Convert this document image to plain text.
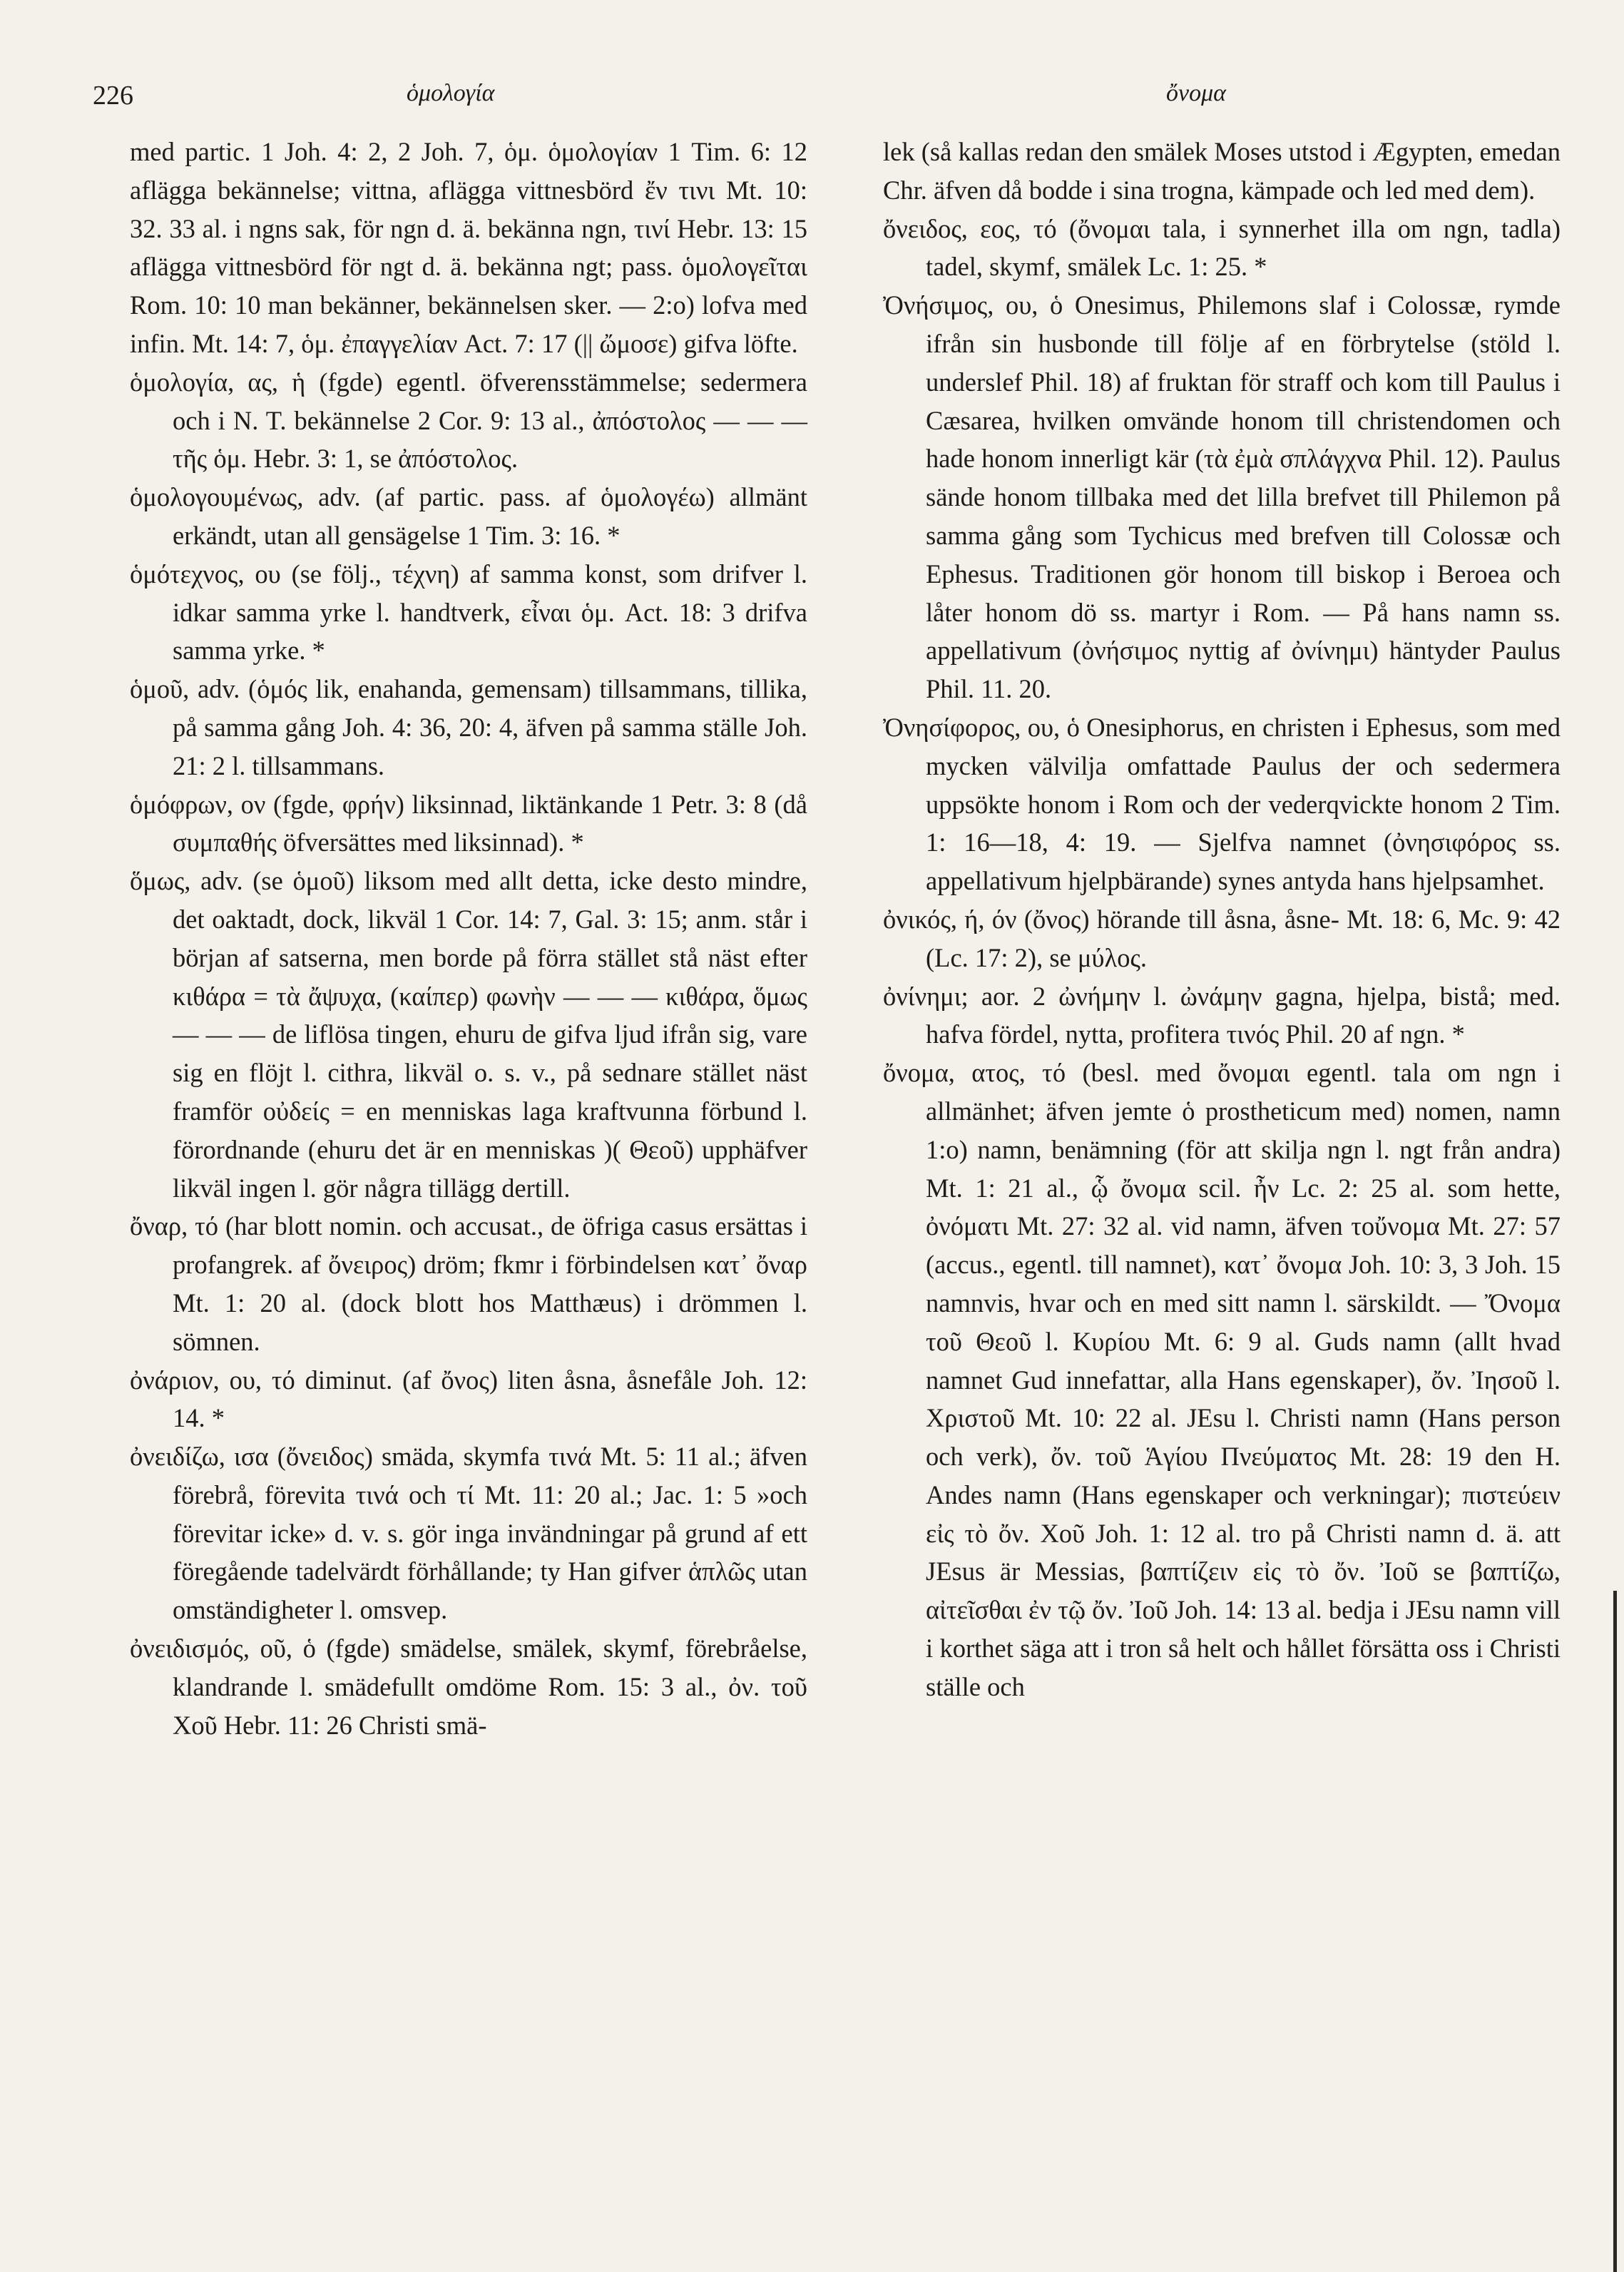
226	ὁμολογία	ὄνομα

med partic. 1 Joh. 4: 2, 2 Joh. 7, ὁμ. ὁμολογίαν 1 Tim. 6: 12 aflägga bekännelse; vittna, aflägga vittnesbörd ἔν τινι Mt. 10: 32. 33 al. i ngns sak, för ngn d. ä. bekänna ngn, τινί Hebr. 13: 15 aflägga vittnesbörd för ngt d. ä. bekänna ngt; pass. ὁμολογεῖται Rom. 10: 10 man bekänner, bekännelsen sker. — 2:o) lofva med infin. Mt. 14: 7, ὁμ. ἐπαγγελίαν Act. 7: 17 (|| ὤμοσε) gifva löfte.

ὁμολογία, ας, ἡ (fgde) egentl. öfverensstämmelse; sedermera och i N. T. bekännelse 2 Cor. 9: 13 al., ἀπόστολος — — — τῆς ὁμ. Hebr. 3: 1, se ἀπόστολος.

ὁμολογουμένως, adv. (af partic. pass. af ὁμολογέω) allmänt erkändt, utan all gensägelse 1 Tim. 3: 16. *

ὁμότεχνος, ου (se följ., τέχνη) af samma konst, som drifver l. idkar samma yrke l. handtverk, εἶναι ὁμ. Act. 18: 3 drifva samma yrke. *

ὁμοῦ, adv. (ὁμός lik, enahanda, gemensam) tillsammans, tillika, på samma gång Joh. 4: 36, 20: 4, äfven på samma ställe Joh. 21: 2 l. tillsammans.

ὁμόφρων, ον (fgde, φρήν) liksinnad, liktänkande 1 Petr. 3: 8 (då συμπαθής öfversättes med liksinnad). *

ὅμως, adv. (se ὁμοῦ) liksom med allt detta, icke desto mindre, det oaktadt, dock, likväl 1 Cor. 14: 7, Gal. 3: 15; anm. står i början af satserna, men borde på förra stället stå näst efter κιθάρα = τὰ ἄψυχα, (καίπερ) φωνὴν — — — κιθάρα, ὅμως — — — de liflösa tingen, ehuru de gifva ljud ifrån sig, vare sig en flöjt l. cithra, likväl o. s. v., på sednare stället näst framför οὐδείς = en menniskas laga kraftvunna förbund l. förordnande (ehuru det är en menniskas )( Θεοῦ) upphäfver likväl ingen l. gör några tillägg dertill.

ὄναρ, τό (har blott nomin. och accusat., de öfriga casus ersättas i profangrek. af ὄνειρος) dröm; fkmr i förbindelsen κατ᾽ ὄναρ Mt. 1: 20 al. (dock blott hos Matthæus) i drömmen l. sömnen.

ὀνάριον, ου, τό diminut. (af ὄνος) liten åsna, åsnefåle Joh. 12: 14. *

ὀνειδίζω, ισα (ὄνειδος) smäda, skymfa τινά Mt. 5: 11 al.; äfven förebrå, förevita τινά och τί Mt. 11: 20 al.; Jac. 1: 5 »och förevitar icke» d. v. s. gör inga invändningar på grund af ett föregående tadelvärdt förhållande; ty Han gifver ἁπλῶς utan omständigheter l. omsvep.

ὀνειδισμός, οῦ, ὁ (fgde) smädelse, smälek, skymf, förebråelse, klandrande l. smädefullt omdöme Rom. 15: 3 al., ὀν. τοῦ Χοῦ Hebr. 11: 26 Christi smä-

lek (så kallas redan den smälek Moses utstod i Ægypten, emedan Chr. äfven då bodde i sina trogna, kämpade och led med dem).

ὄνειδος, εος, τό (ὄνομαι tala, i synnerhet illa om ngn, tadla) tadel, skymf, smälek Lc. 1: 25. *

Ὀνήσιμος, ου, ὁ Onesimus, Philemons slaf i Colossæ, rymde ifrån sin husbonde till följe af en förbrytelse (stöld l. underslef Phil. 18) af fruktan för straff och kom till Paulus i Cæsarea, hvilken omvände honom till christendomen och hade honom innerligt kär (τὰ ἐμὰ σπλάγχνα Phil. 12). Paulus sände honom tillbaka med det lilla brefvet till Philemon på samma gång som Tychicus med brefven till Colossæ och Ephesus. Traditionen gör honom till biskop i Beroea och låter honom dö ss. martyr i Rom. — På hans namn ss. appellativum (ὀνήσιμος nyttig af ὀνίνημι) häntyder Paulus Phil. 11. 20.

Ὀνησίφορος, ου, ὁ Onesiphorus, en christen i Ephesus, som med mycken välvilja omfattade Paulus der och sedermera uppsökte honom i Rom och der vederqvickte honom 2 Tim. 1: 16—18, 4: 19. — Sjelfva namnet (ὀνησιφόρος ss. appellativum hjelpbärande) synes antyda hans hjelpsamhet.

ὀνικός, ή, όν (ὄνος) hörande till åsna, åsne- Mt. 18: 6, Mc. 9: 42 (Lc. 17: 2), se μύλος.

ὀνίνημι; aor. 2 ὠνήμην l. ὠνάμην gagna, hjelpa, bistå; med. hafva fördel, nytta, profitera τινός Phil. 20 af ngn. *

ὄνομα, ατος, τό (besl. med ὄνομαι egentl. tala om ngn i allmänhet; äfven jemte ὁ prostheticum med) nomen, namn 1:o) namn, benämning (för att skilja ngn l. ngt från andra) Mt. 1: 21 al., ᾧ ὄνομα scil. ἦν Lc. 2: 25 al. som hette, ὀνόματι Mt. 27: 32 al. vid namn, äfven τοὔνομα Mt. 27: 57 (accus., egentl. till namnet), κατ᾽ ὄνομα Joh. 10: 3, 3 Joh. 15 namnvis, hvar och en med sitt namn l. särskildt. — Ὄνομα τοῦ Θεοῦ l. Κυρίου Mt. 6: 9 al. Guds namn (allt hvad namnet Gud innefattar, alla Hans egenskaper), ὄν. Ἰησοῦ l. Χριστοῦ Mt. 10: 22 al. JEsu l. Christi namn (Hans person och verk), ὄν. τοῦ Ἁγίου Πνεύματος Mt. 28: 19 den H. Andes namn (Hans egenskaper och verkningar); πιστεύειν εἰς τὸ ὄν. Χοῦ Joh. 1: 12 al. tro på Christi namn d. ä. att JEsus är Messias, βαπτίζειν εἰς τὸ ὄν. Ἰοῦ se βαπτίζω, αἰτεῖσθαι ἐν τῷ ὄν. Ἰοῦ Joh. 14: 13 al. bedja i JEsu namn vill i korthet säga att i tron så helt och hållet försätta oss i Christi ställe och
